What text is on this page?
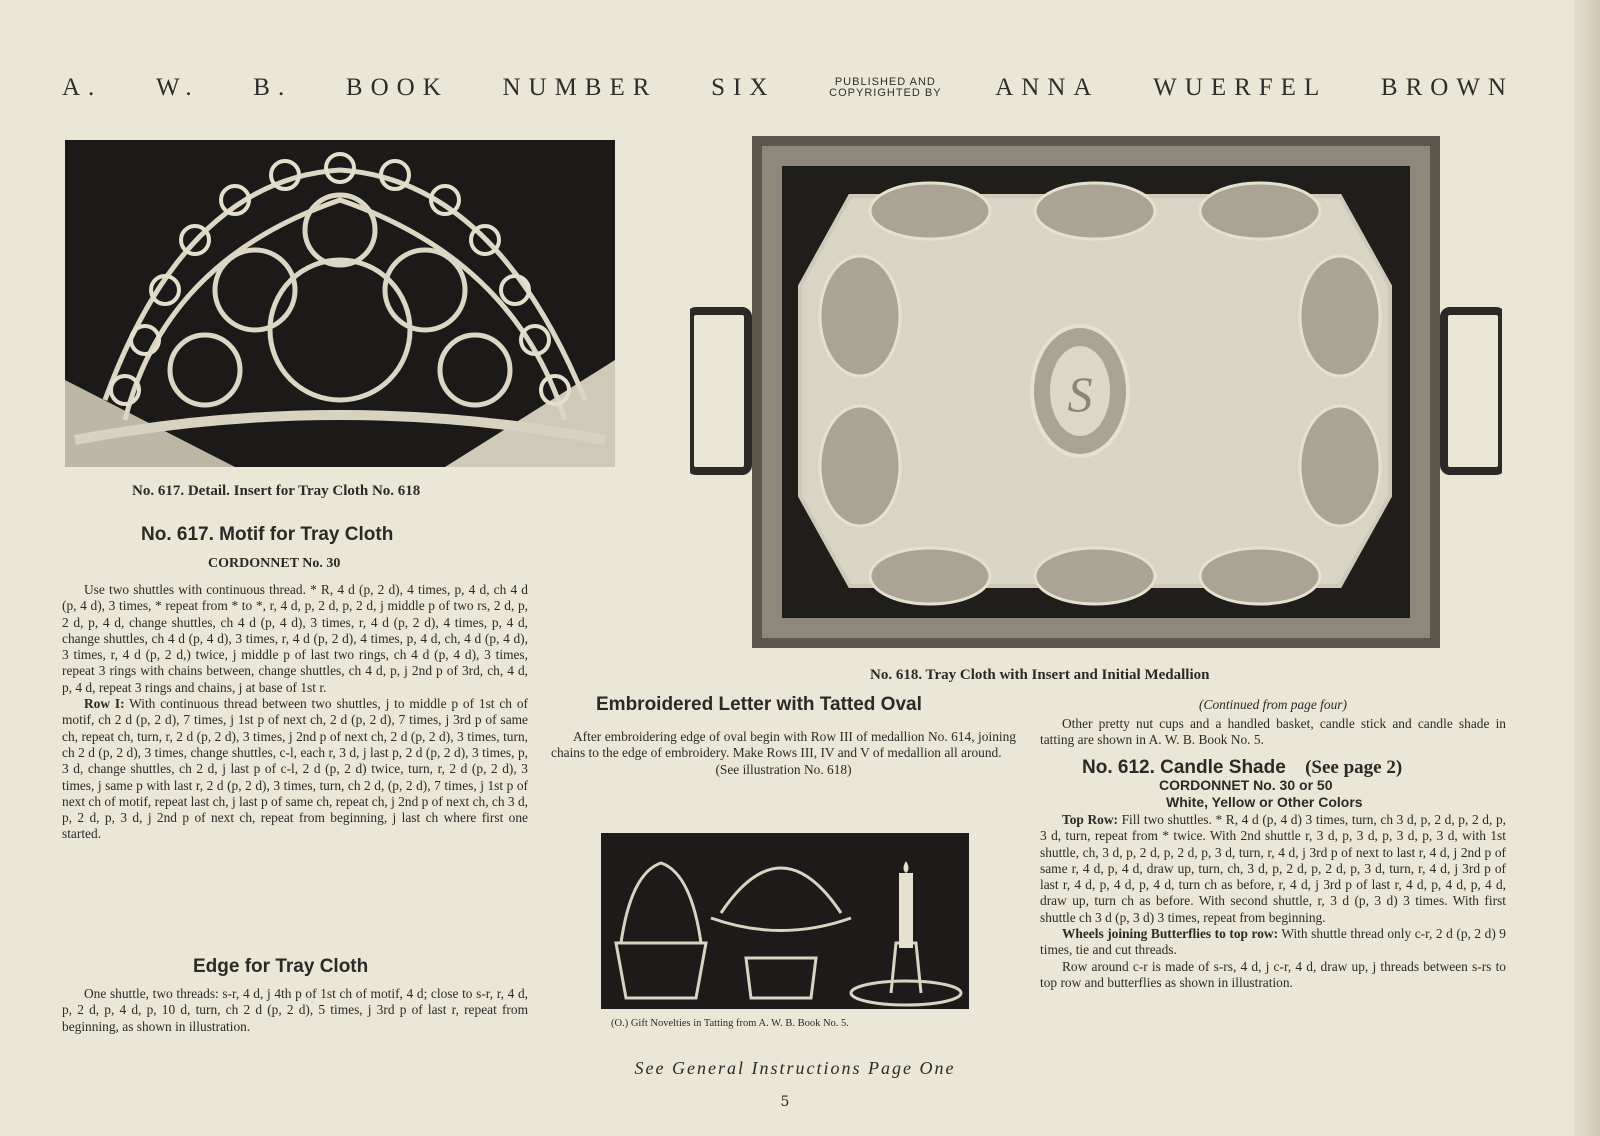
A. W. B. BOOK NUMBER SIX	PUBLISHED AND
COPYRIGHTED BY ANNA WUERFEL BROWN
No. 617. Detail. Insert for Tray Cloth No. 618
S
No. 618. Tray Cloth with Insert and Initial Medallion
No. 617. Motif for Tray Cloth
CORDONNET No. 30

Use two shuttles with continuous thread. * R, 4 d (p, 2 d), 4 times, p, 4 d, ch 4 d (p, 4 d), 3 times, * repeat from * to *, r, 4 d, p, 2 d, p, 2 d, j middle p of two rs, 2 d, p, 2 d, p, 4 d, change shuttles, ch 4 d (p, 4 d), 3 times, r, 4 d (p, 2 d), 4 times, p, 4 d, change shuttles, ch 4 d (p, 4 d), 3 times, r, 4 d (p, 2 d), 4 times, p, 4 d, ch, 4 d (p, 4 d), 3 times, r, 4 d (p, 2 d,) twice, j middle p of last two rings, ch 4 d (p, 4 d), 3 times, repeat 3 rings with chains between, change shuttles, ch 4 d, p, j 2nd p of 3rd, ch, 4 d, p, 4 d, repeat 3 rings and chains, j at base of 1st r.

Row I: With continuous thread between two shuttles, j to middle p of 1st ch of motif, ch 2 d (p, 2 d), 7 times, j 1st p of next ch, 2 d (p, 2 d), 7 times, j 3rd p of same ch, repeat ch, turn, r, 2 d (p, 2 d), 3 times, j 2nd p of next ch, 2 d (p, 2 d), 3 times, turn, ch 2 d (p, 2 d), 3 times, change shuttles, c-l, each r, 3 d, j last p, 2 d (p, 2 d), 3 times, p, 3 d, change shuttles, ch 2 d, j last p of c-l, 2 d (p, 2 d) twice, turn, r, 2 d (p, 2 d), 3 times, j same p with last r, 2 d (p, 2 d), 3 times, turn, ch 2 d, (p, 2 d), 7 times, j 1st p of next ch of motif, repeat last ch, j last p of same ch, repeat ch, j 2nd p of next ch, ch 3 d, p, 2 d, p, 3 d, j 2nd p of next ch, repeat from beginning, j last ch where first one started.

Edge for Tray Cloth

One shuttle, two threads: s-r, 4 d, j 4th p of 1st ch of motif, 4 d; close to s-r, r, 4 d, p, 2 d, p, 4 d, p, 10 d, turn, ch 2 d (p, 2 d), 5 times, j 3rd p of last r, repeat from beginning, as shown in illustration.

Embroidered Letter with Tatted Oval

After embroidering edge of oval begin with Row III of medallion No. 614, joining chains to the edge of embroidery. Make Rows III, IV and V of medallion all around.

(See illustration No. 618)
(O.) Gift Novelties in Tatting from A. W. B. Book No. 5.
(Continued from page four)

Other pretty nut cups and a handled basket, candle stick and candle shade in tatting are shown in A. W. B. Book No. 5.

No. 612. Candle Shade (See page 2)
CORDONNET No. 30 or 50
White, Yellow or Other Colors

Top Row: Fill two shuttles. * R, 4 d (p, 4 d) 3 times, turn, ch 3 d, p, 2 d, p, 2 d, p, 3 d, turn, repeat from * twice. With 2nd shuttle r, 3 d, p, 3 d, p, 3 d, p, 3 d, with 1st shuttle, ch, 3 d, p, 2 d, p, 2 d, p, 3 d, turn, r, 4 d, j 3rd p of next to last r, 4 d, j 2nd p of same r, 4 d, p, 4 d, draw up, turn, ch, 3 d, p, 2 d, p, 2 d, p, 3 d, turn, r, 4 d, j 3rd p of last r, 4 d, p, 4 d, p, 4 d, turn ch as before, r, 4 d, j 3rd p of last r, 4 d, p, 4 d, p, 4 d, draw up, turn ch as before. With second shuttle, r, 3 d (p, 3 d) 3 times. With first shuttle ch 3 d (p, 3 d) 3 times, repeat from beginning.

Wheels joining Butterflies to top row: With shuttle thread only c-r, 2 d (p, 2 d) 9 times, tie and cut threads.

Row around c-r is made of s-rs, 4 d, j c-r, 4 d, draw up, j threads between s-rs to top row and butterflies as shown in illustration.

See General Instructions Page One
5
